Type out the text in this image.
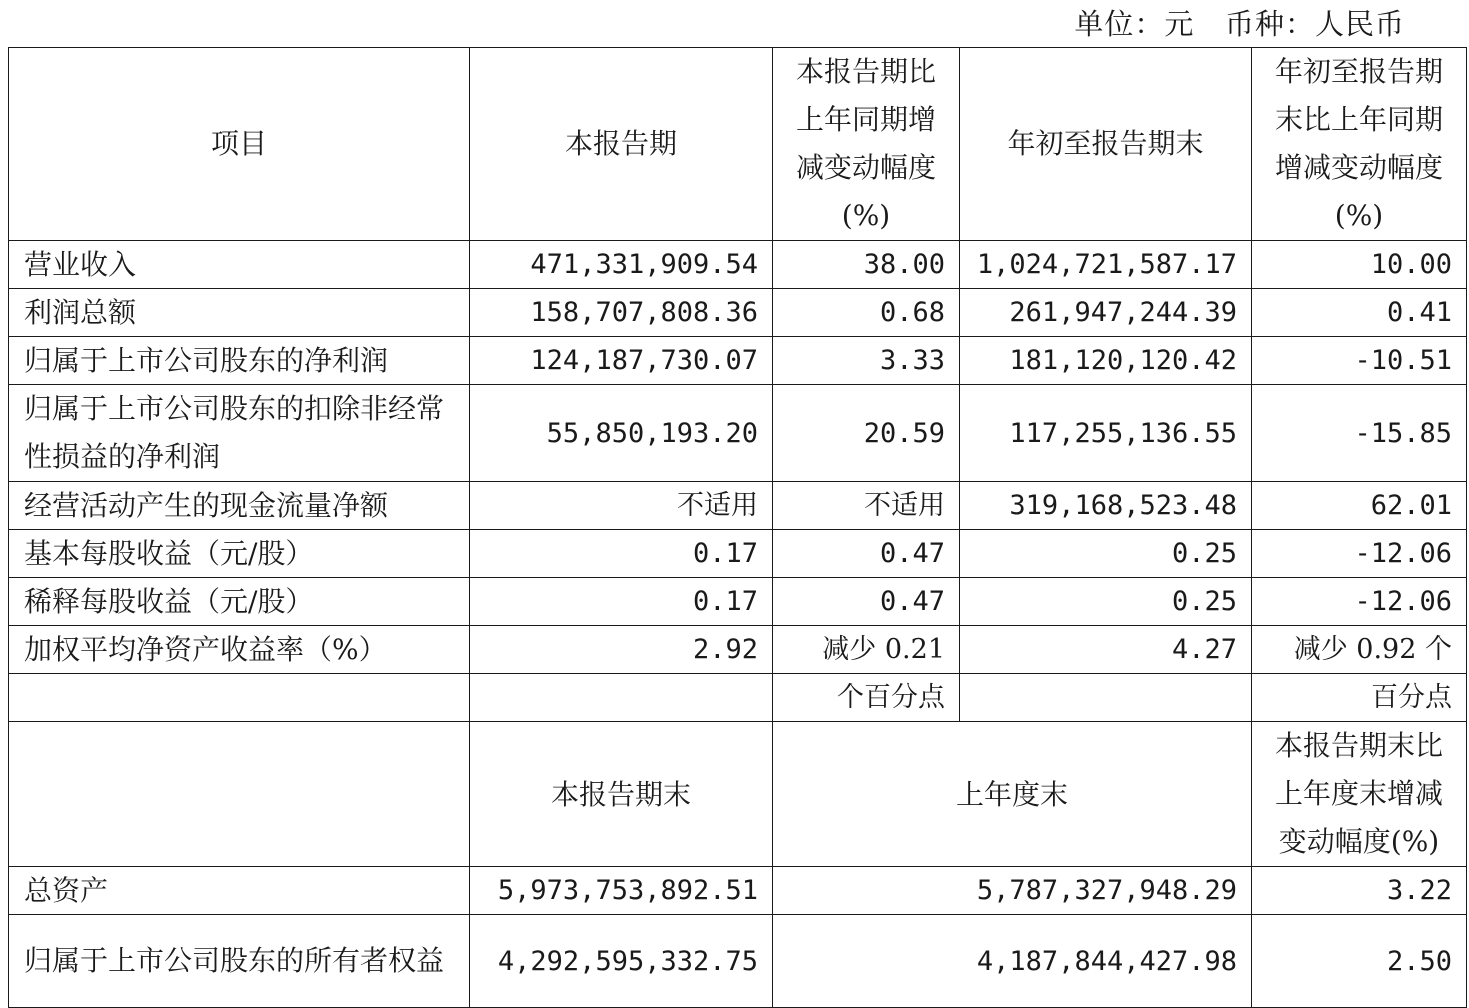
单位：元   币种：人民币
项目	本报告期	本报告期比上年同期增减变动幅度(%)	年初至报告期末	年初至报告期末比上年同期增减变动幅度(%)
营业收入	471,331,909.54	38.00	1,024,721,587.17	10.00
利润总额	158,707,808.36	0.68	261,947,244.39	0.41
归属于上市公司股东的净利润	124,187,730.07	3.33	181,120,120.42	-10.51
归属于上市公司股东的扣除非经常性损益的净利润	55,850,193.20	20.59	117,255,136.55	-15.85
经营活动产生的现金流量净额	不适用	不适用	319,168,523.48	62.01
基本每股收益（元/股）	0.17	0.47	0.25	-12.06
稀释每股收益（元/股）	0.17	0.47	0.25	-12.06
加权平均净资产收益率（%）	2.92	减少 0.21	4.27	减少 0.92 个
		个百分点		百分点
	本报告期末	上年度末		本报告期末比上年度末增减变动幅度(%)
总资产	5,973,753,892.51	5,787,327,948.29		3.22
归属于上市公司股东的所有者权益	4,292,595,332.75	4,187,844,427.98		2.50
